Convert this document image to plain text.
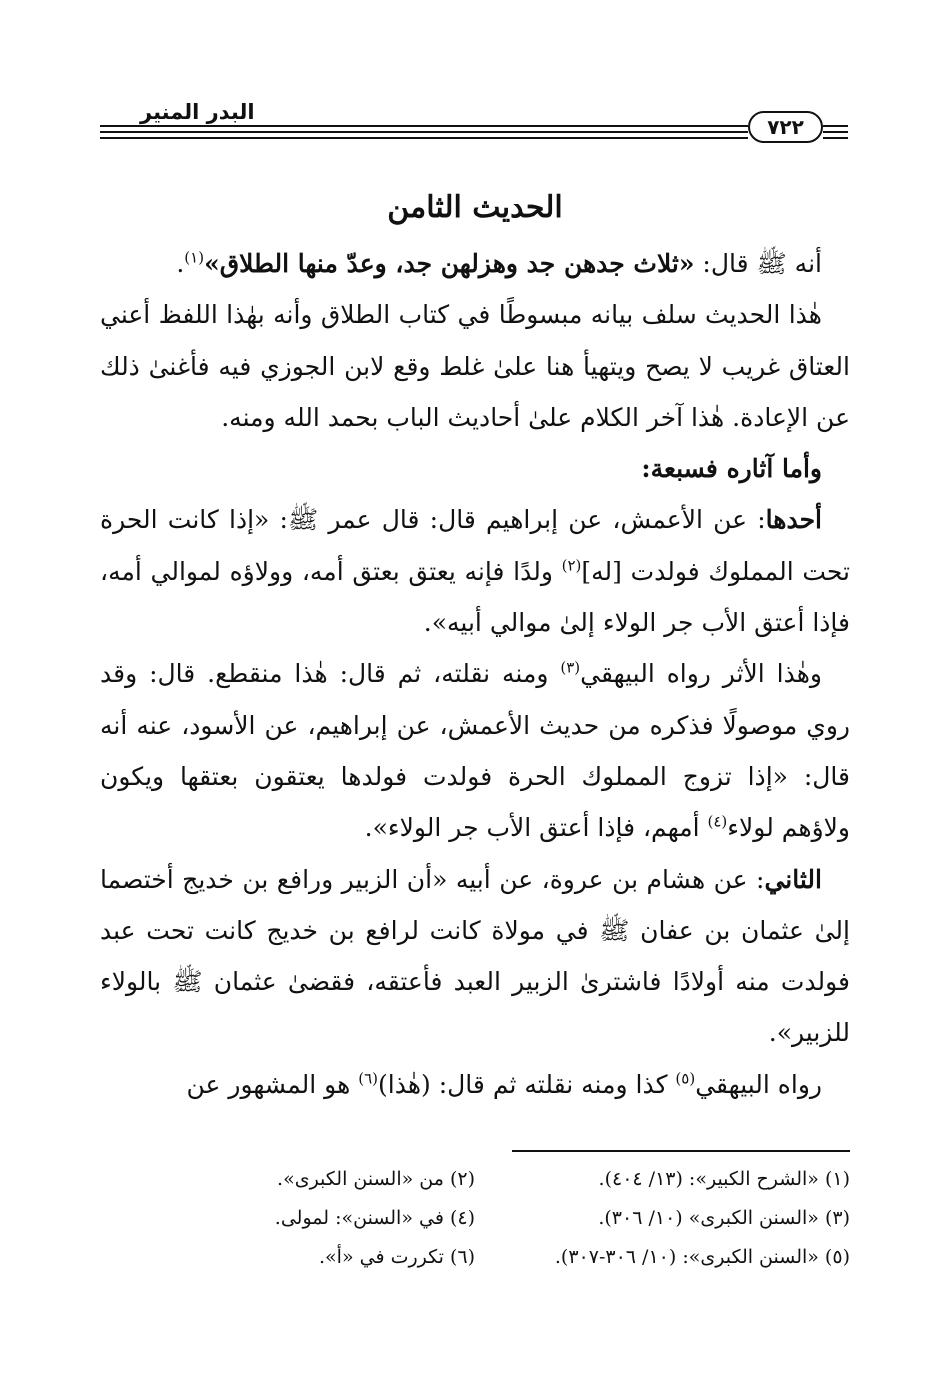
البدر المنير
٧٢٢
الحديث الثامن

أنه ﷺ قال: «ثلاث جدهن جد وهزلهن جد، وعدّ منها الطلاق»$^{(١)}$.

هٰذا الحديث سلف بيانه مبسوطًا في كتاب الطلاق وأنه بهٰذا اللفظ أعني العتاق غريب لا يصح ويتهيأ هنا علىٰ غلط وقع لابن الجوزي فيه فأغنىٰ ذلك عن الإعادة. هٰذا آخر الكلام علىٰ أحاديث الباب بحمد الله ومنه.

وأما آثاره فسبعة:

أحدها: عن الأعمش، عن إبراهيم قال: قال عمر ﷺ: «إذا كانت الحرة تحت المملوك فولدت [له]$^{(٢)}$ ولدًا فإنه يعتق بعتق أمه، وولاؤه لموالي أمه، فإذا أعتق الأب جر الولاء إلىٰ موالي أبيه».

وهٰذا الأثر رواه البيهقي$^{(٣)}$ ومنه نقلته، ثم قال: هٰذا منقطع. قال: وقد روي موصولًا فذكره من حديث الأعمش، عن إبراهيم، عن الأسود، عنه أنه قال: «إذا تزوج المملوك الحرة فولدت فولدها يعتقون بعتقها ويكون ولاؤهم لولاء$^{(٤)}$ أمهم، فإذا أعتق الأب جر الولاء».

الثاني: عن هشام بن عروة، عن أبيه «أن الزبير ورافع بن خديج أختصما إلىٰ عثمان بن عفان ﷺ في مولاة كانت لرافع بن خديج كانت تحت عبد فولدت منه أولادًا فاشترىٰ الزبير العبد فأعتقه، فقضىٰ عثمان ﷺ بالولاء للزبير».

رواه البيهقي$^{(٥)}$ كذا ومنه نقلته ثم قال: (هٰذا)$^{(٦)}$ هو المشهور عن

(١) «الشرح الكبير»: (١٣/ ٤٠٤).
(٢) من «السنن الكبرى».
(٣) «السنن الكبرى» (١٠/ ٣٠٦).
(٤) في «السنن»: لمولى.
(٥) «السنن الكبرى»: (١٠/ ٣٠٦-٣٠٧).
(٦) تكررت في «أ».
